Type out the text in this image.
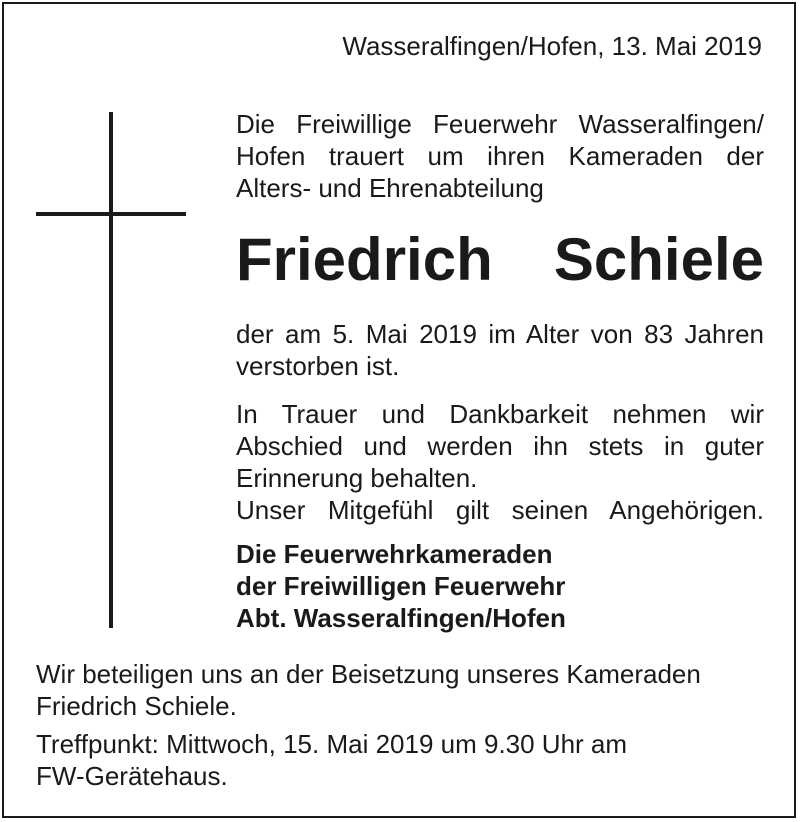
Wasseralfingen/Hofen, 13. Mai 2019
Die Freiwillige Feuerwehr Wasseralfingen/
Hofen trauert um ihren Kameraden der
Alters- und Ehrenabteilung
Friedrich Schiele
der am 5. Mai 2019 im Alter von 83 Jahren
verstorben ist.
In Trauer und Dankbarkeit nehmen wir
Abschied und werden ihn stets in guter
Erinnerung behalten.
Unser Mitgefühl gilt seinen Angehörigen.
Die Feuerwehrkameraden
der Freiwilligen Feuerwehr
Abt. Wasseralfingen/Hofen
Wir beteiligen uns an der Beisetzung unseres Kameraden
Friedrich Schiele.
Treffpunkt: Mittwoch, 15. Mai 2019 um 9.30 Uhr am
FW-Gerätehaus.
